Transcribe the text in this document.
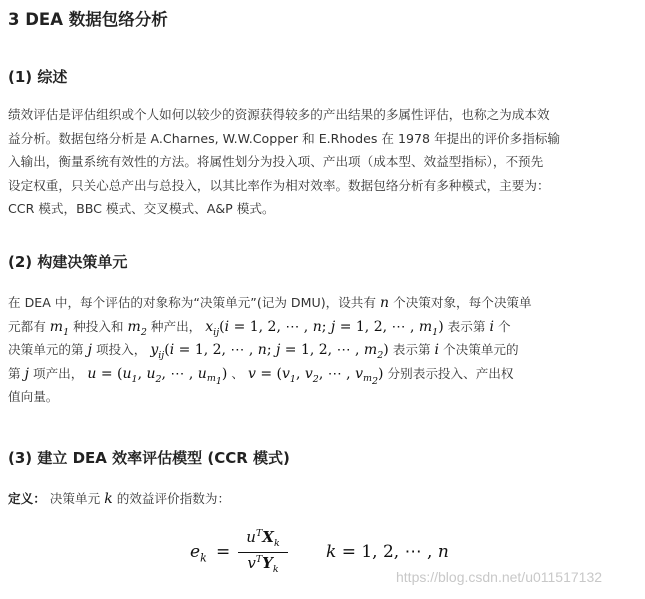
3 DEA 数据包络分析
(1) 综述
绩效评估是评估组织或个人如何以较少的资源获得较多的产出结果的多属性评估，也称之为成本效
益分析。数据包络分析是 A.Charnes, W.W.Copper 和 E.Rhodes 在 1978 年提出的评价多指标输
入输出，衡量系统有效性的方法。将属性划分为投入项、产出项（成本型、效益型指标），不预先
设定权重，只关心总产出与总投入，以其比率作为相对效率。数据包络分析有多种模式，主要为：
CCR 模式，BBC 模式、交叉模式、A&P 模式。
(2) 构建决策单元
在 DEA 中，每个评估的对象称为“决策单元”(记为 DMU)，设共有 n 个决策对象，每个决策单
元都有 $m_1$ 种投入和 $m_2$ 种产出， $x_{ij}(i = 1$, 2, ⋯ , n; j = 1, 2, ⋯ , $m_1$) 表示第 i 个
决策单元的第 j 项投入， $y_{ij}(i = 1$, 2, ⋯ , n; j = 1, 2, ⋯ , $m_2$) 表示第 i 个决策单元的
第 j 项产出， $u = (u_1$, $u_2$, ⋯ , $u_{m_1}$) 、 $v = (v_1$, $v_2$, ⋯ , $v_{m_2}$) 分别表示投入、产出权
值向量。
(3) 建立 DEA 效率评估模型 (CCR 模式)
定义： 决策单元 k 的效益评价指数为：
$e_k$ =
$u^TX_k$
$v^TY_k$
k = 1, 2, ⋯ , n
https://blog.csdn.net/u011517132
